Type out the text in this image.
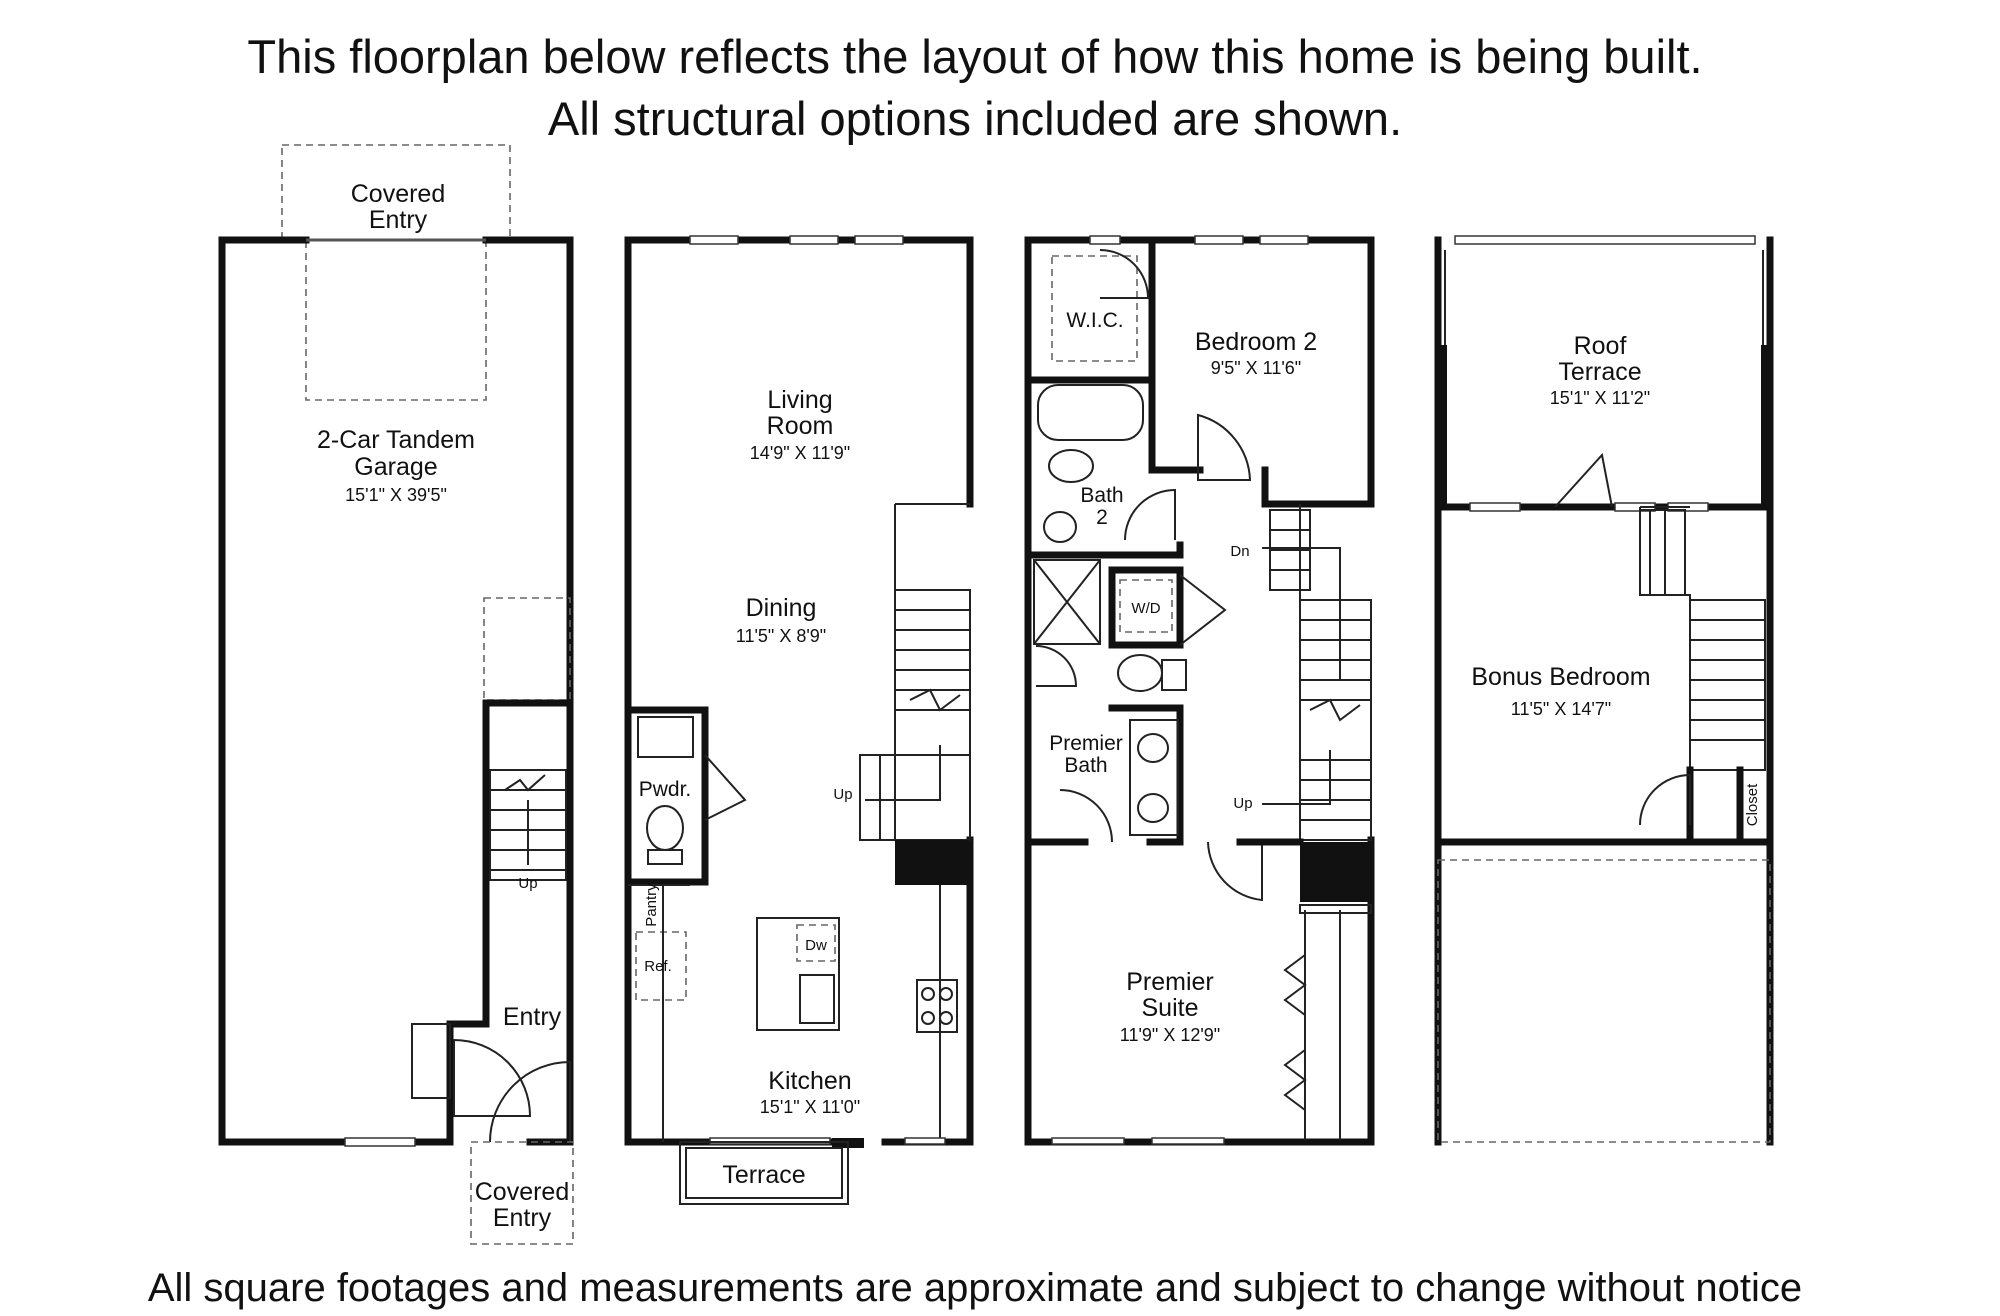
This floorplan below reflects the layout of how this home is being built.
All structural options included are shown.
Covered
Entry
2-Car Tandem
Garage
15'1" X 39'5"
Up
Entry
Covered
Entry
Living
Room
14'9" X 11'9"
Dining
11'5" X 8'9"
Pwdr.	Up
Pantry
Ref.
Dw
Kitchen
15'1" X 11'0"
Terrace
W.I.C.
Bedroom 2
9'5" X 11'6"
Bath
2
Dn
W/D
Premier
Bath
Up
Premier
Suite
11'9" X 12'9"
Roof
Terrace
15'1" X 11'2"
Bonus Bedroom
11'5" X 14'7"
Closet
All square footages and measurements are approximate and subject to change without notice
